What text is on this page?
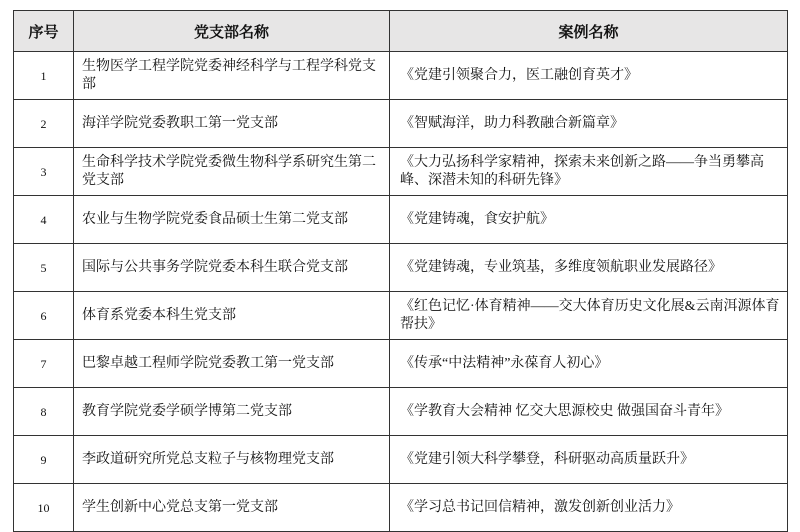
序号	党支部名称	案例名称
1	生物医学工程学院党委神经科学与工程学科党支部	《党建引领聚合力，医工融创育英才》
2	海洋学院党委教职工第一党支部	《智赋海洋，助力科教融合新篇章》
3	生命科学技术学院党委微生物科学系研究生第二党支部	《大力弘扬科学家精神，探索未来创新之路——争当勇攀高峰、深潜未知的科研先锋》
4	农业与生物学院党委食品硕士生第二党支部	《党建铸魂，食安护航》
5	国际与公共事务学院党委本科生联合党支部	《党建铸魂，专业筑基，多维度领航职业发展路径》
6	体育系党委本科生党支部	《红色记忆·体育精神——交大体育历史文化展&云南洱源体育帮扶》
7	巴黎卓越工程师学院党委教工第一党支部	《传承“中法精神”永葆育人初心》
8	教育学院党委学硕学博第二党支部	《学教育大会精神 忆交大思源校史 做强国奋斗青年》
9	李政道研究所党总支粒子与核物理党支部	《党建引领大科学攀登，科研驱动高质量跃升》
10	学生创新中心党总支第一党支部	《学习总书记回信精神，激发创新创业活力》
